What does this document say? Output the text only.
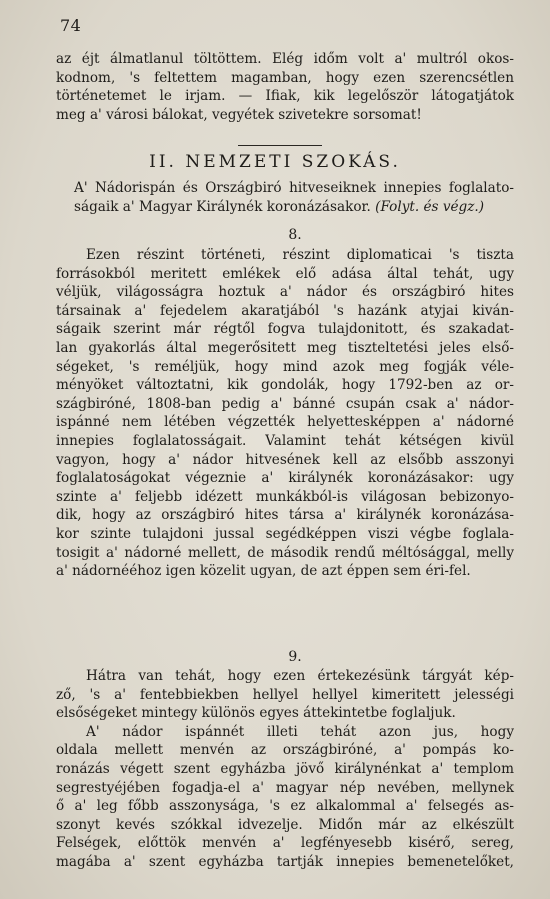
74

az éjt álmatlanul töltöttem. Elég időm volt a' multról okos-
kodnom, 's feltettem magamban, hogy ezen szerencsétlen
történetemet le irjam. — Ifiak, kik legelőször látogatjátok
meg a' városi bálokat, vegyétek szivetekre sorsomat!

II. NEMZETI SZOKÁS.

A' Nádorispán és Országbiró hitveseiknek innepies foglalato-
ságaik a' Magyar Királynék koronázásakor. (Folyt. és végz.)

8.

Ezen részint történeti, részint diplomaticai 's tiszta
forrásokból meritett emlékek elő adása által tehát, ugy
véljük, világosságra hoztuk a' nádor és országbiró hites
társainak a' fejedelem akaratjából 's hazánk atyjai kiván-
ságaik szerint már régtől fogva tulajdonitott, és szakadat-
lan gyakorlás által megerősitett meg tiszteltetési jeles első-
ségeket, 's reméljük, hogy mind azok meg fogják véle-
ményöket változtatni, kik gondolák, hogy 1792-ben az or-
szágbiróné, 1808-ban pedig a' bánné csupán csak a' nádor-
ispánné nem létében végzették helyettesképpen a' nádorné
innepies foglalatosságait. Valamint tehát kétségen kivül
vagyon, hogy a' nádor hitvesének kell az elsőbb asszonyi
foglalatoságokat végeznie a' királynék koronázásakor: ugy
szinte a' feljebb idézett munkákból-is világosan bebizonyo-
dik, hogy az országbiró hites társa a' királynék koronázása-
kor szinte tulajdoni jussal segédképpen viszi végbe foglala-
tosigit a' nádorné mellett, de második rendű méltósággal, melly
a' nádornééhoz igen közelit ugyan, de azt éppen sem éri-fel.

9.

Hátra van tehát, hogy ezen értekezésünk tárgyát kép-
ző, 's a' fentebbiekben hellyel hellyel kimeritett jelességi
elsőségeket mintegy különös egyes áttekintetbe foglaljuk.
A' nádor ispánnét illeti tehát azon jus, hogy
oldala mellett menvén az országbiróné, a' pompás ko-
ronázás végett szent egyházba jövő királynénkat a' templom
segrestyéjében fogadja-el a' magyar nép nevében, mellynek
ő a' leg főbb asszonysága, 's ez alkalommal a' felsegés as-
szonyt kevés szókkal idvezelje. Midőn már az elkészült
Felségek, előttök menvén a' legfényesebb kisérő, sereg,
magába a' szent egyházba tartják innepies bemenetelőket,
